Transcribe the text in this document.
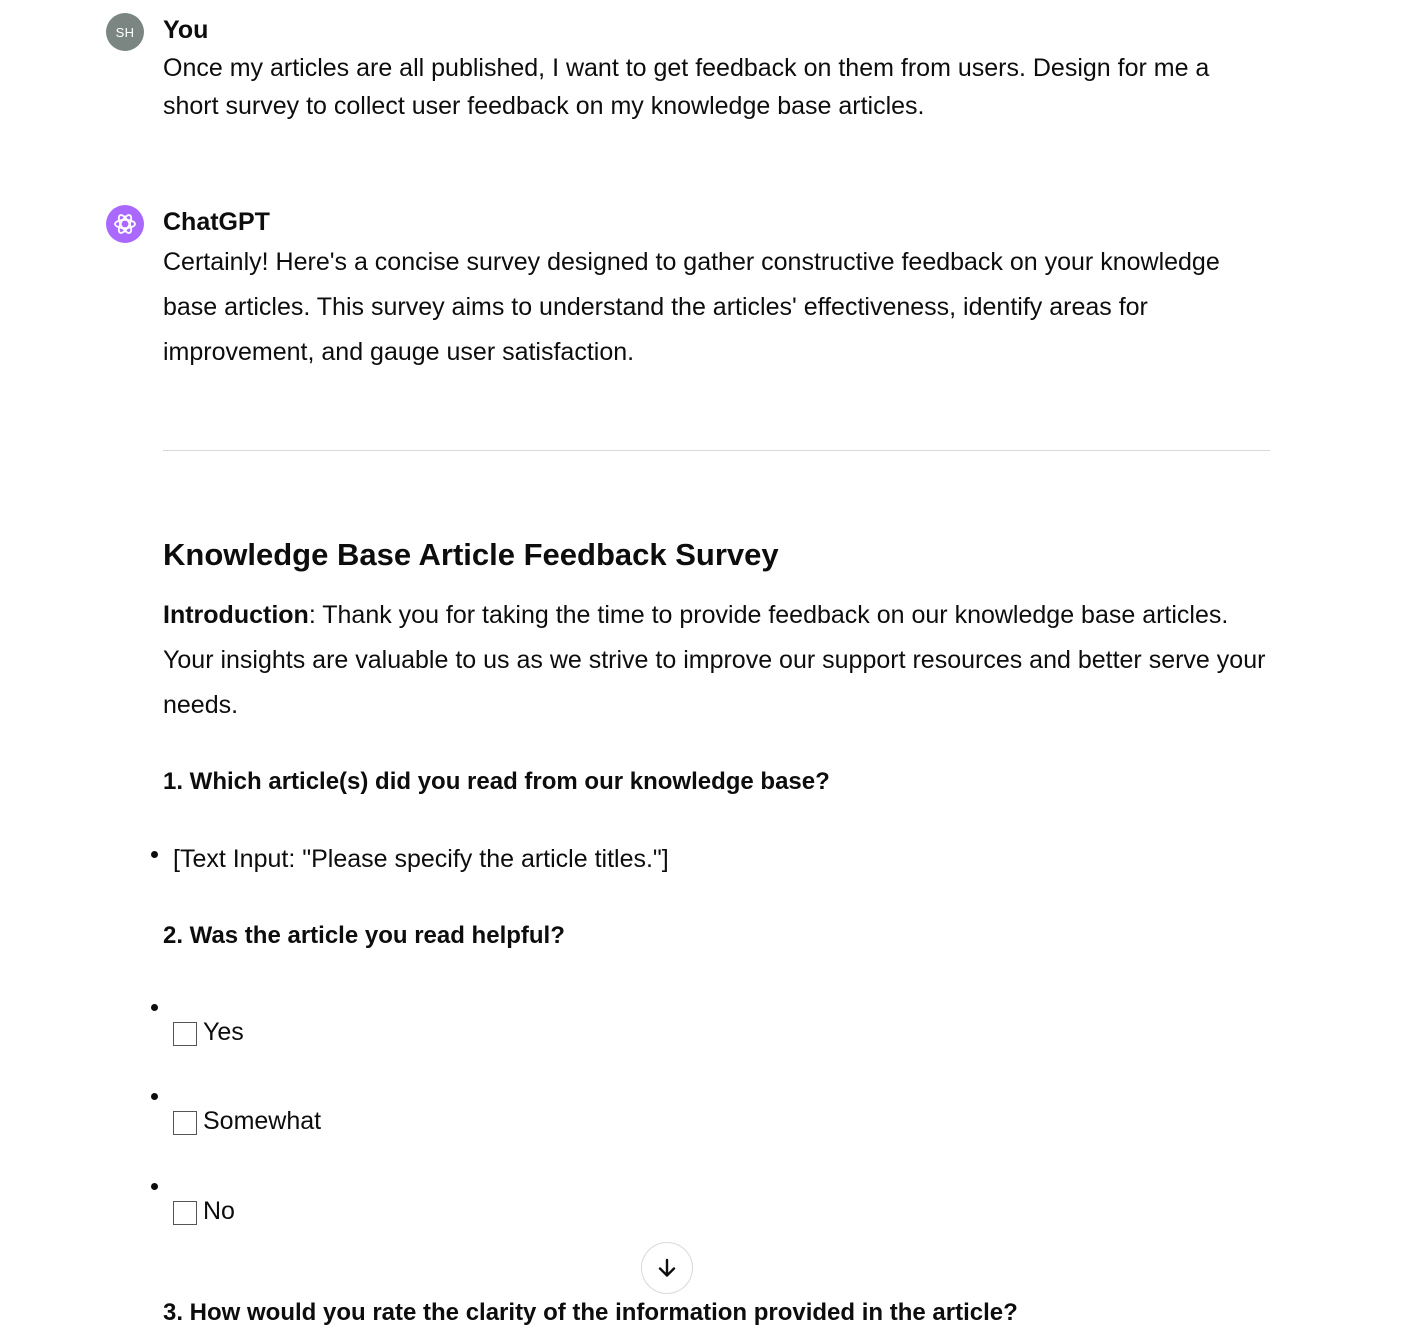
SH You

Once my articles are all published, I want to get feedback on them from users. Design for me a short survey to collect user feedback on my knowledge base articles.

ChatGPT

Certainly! Here's a concise survey designed to gather constructive feedback on your knowledge base articles. This survey aims to understand the articles' effectiveness, identify areas for improvement, and gauge user satisfaction.

Knowledge Base Article Feedback Survey

Introduction: Thank you for taking the time to provide feedback on our knowledge base articles. Your insights are valuable to us as we strive to improve our support resources and better serve your needs.

1. Which article(s) did you read from our knowledge base?

[Text Input: "Please specify the article titles."]

2. Was the article you read helpful?

Yes
Somewhat
No

3. How would you rate the clarity of the information provided in the article?
